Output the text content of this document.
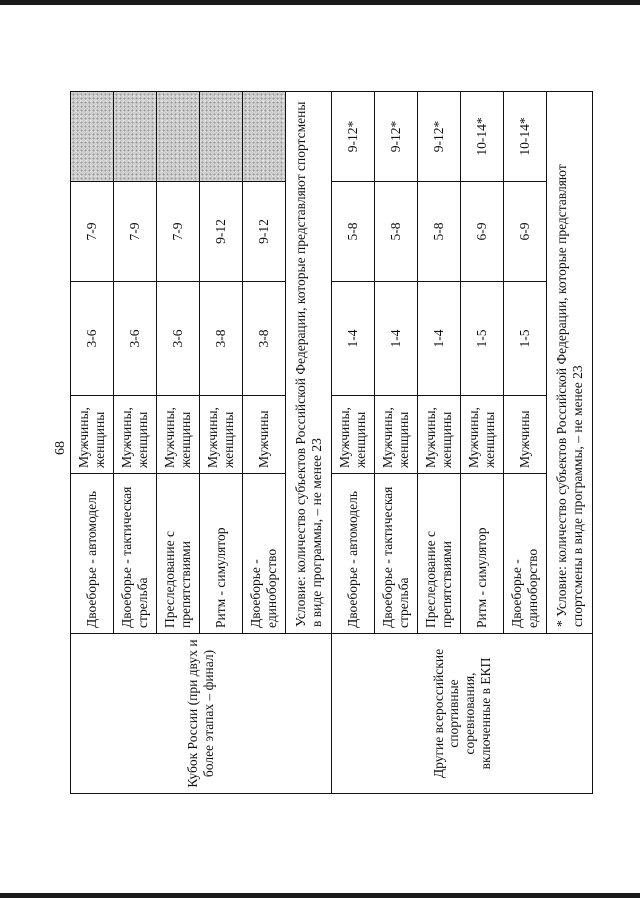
68
Кубок России (при двух и более этапах – финал)	Двоеборье - автомодель	Мужчины, женщины	3-6	7-9	
	Двоеборье - тактическая стрельба	Мужчины, женщины	3-6	7-9	
	Преследование с препятствиями	Мужчины, женщины	3-6	7-9	
	Ритм - симулятор	Мужчины, женщины	3-8	9-12	
	Двоеборье - единоборство	Мужчины	3-8	9-12	
	Условие: количество субъектов Российской Федерации, которые представляют спортсмены в виде программы, – не менее 23				
Другие всероссийские спортивные соревнования, включенные в ЕКП	Двоеборье - автомодель	Мужчины, женщины	1-4	5-8	9-12*
	Двоеборье - тактическая стрельба	Мужчины, женщины	1-4	5-8	9-12*
	Преследование с препятствиями	Мужчины, женщины	1-4	5-8	9-12*
	Ритм - симулятор	Мужчины, женщины	1-5	6-9	10-14*
	Двоеборье - единоборство	Мужчины	1-5	6-9	10-14*
	* Условие: количество субъектов Российской Федерации, которые представляют спортсмены в виде программы, – не менее 23				
